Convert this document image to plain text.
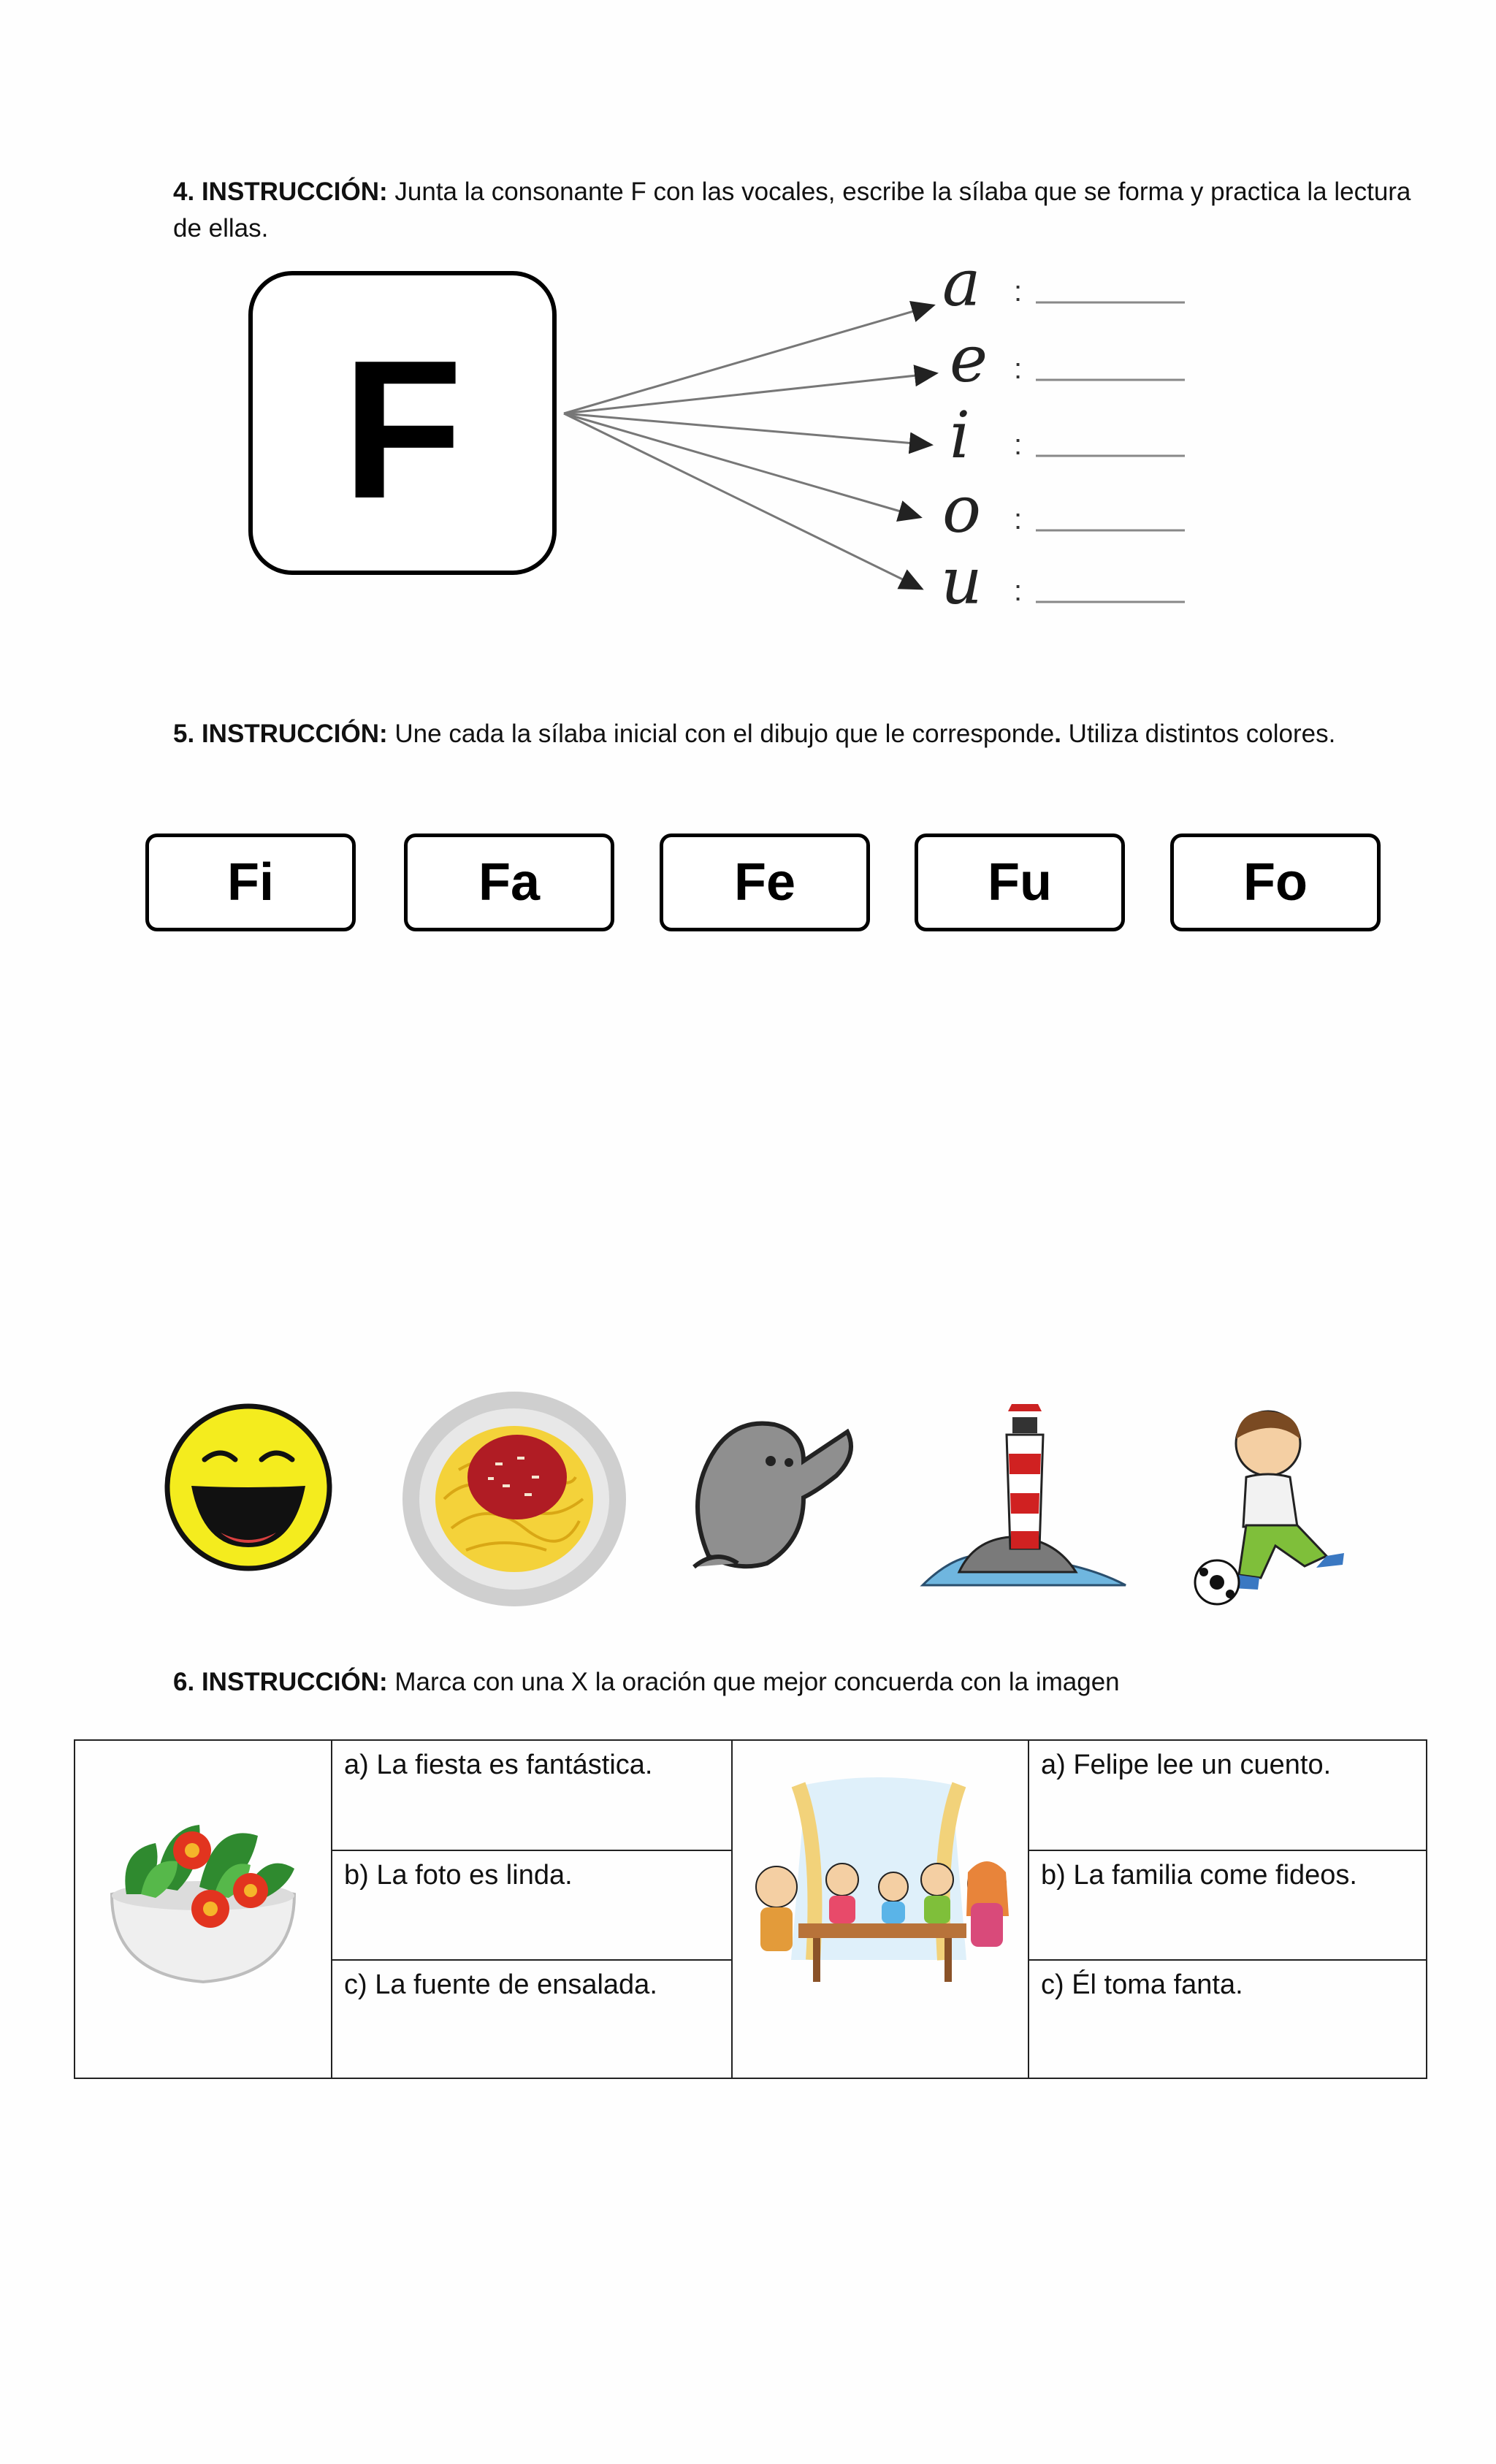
4. INSTRUCCIÓN: Junta la consonante F con las vocales, escribe la sílaba que se forma y practica la lectura de ellas.
F
a
e
i
o
u
:
:
:
:
:
5. INSTRUCCIÓN: Une cada la sílaba inicial con el dibujo que le corresponde. Utiliza distintos colores.
Fi	Fa	Fe	Fu	Fo
6. INSTRUCCIÓN: Marca con una X la oración que mejor concuerda con la imagen
	a) La fiesta es fantástica.		a) Felipe lee un cuento.
	b) La foto es linda.		b) La familia come fideos.
	c) La fuente de ensalada.		c) Él toma fanta.
